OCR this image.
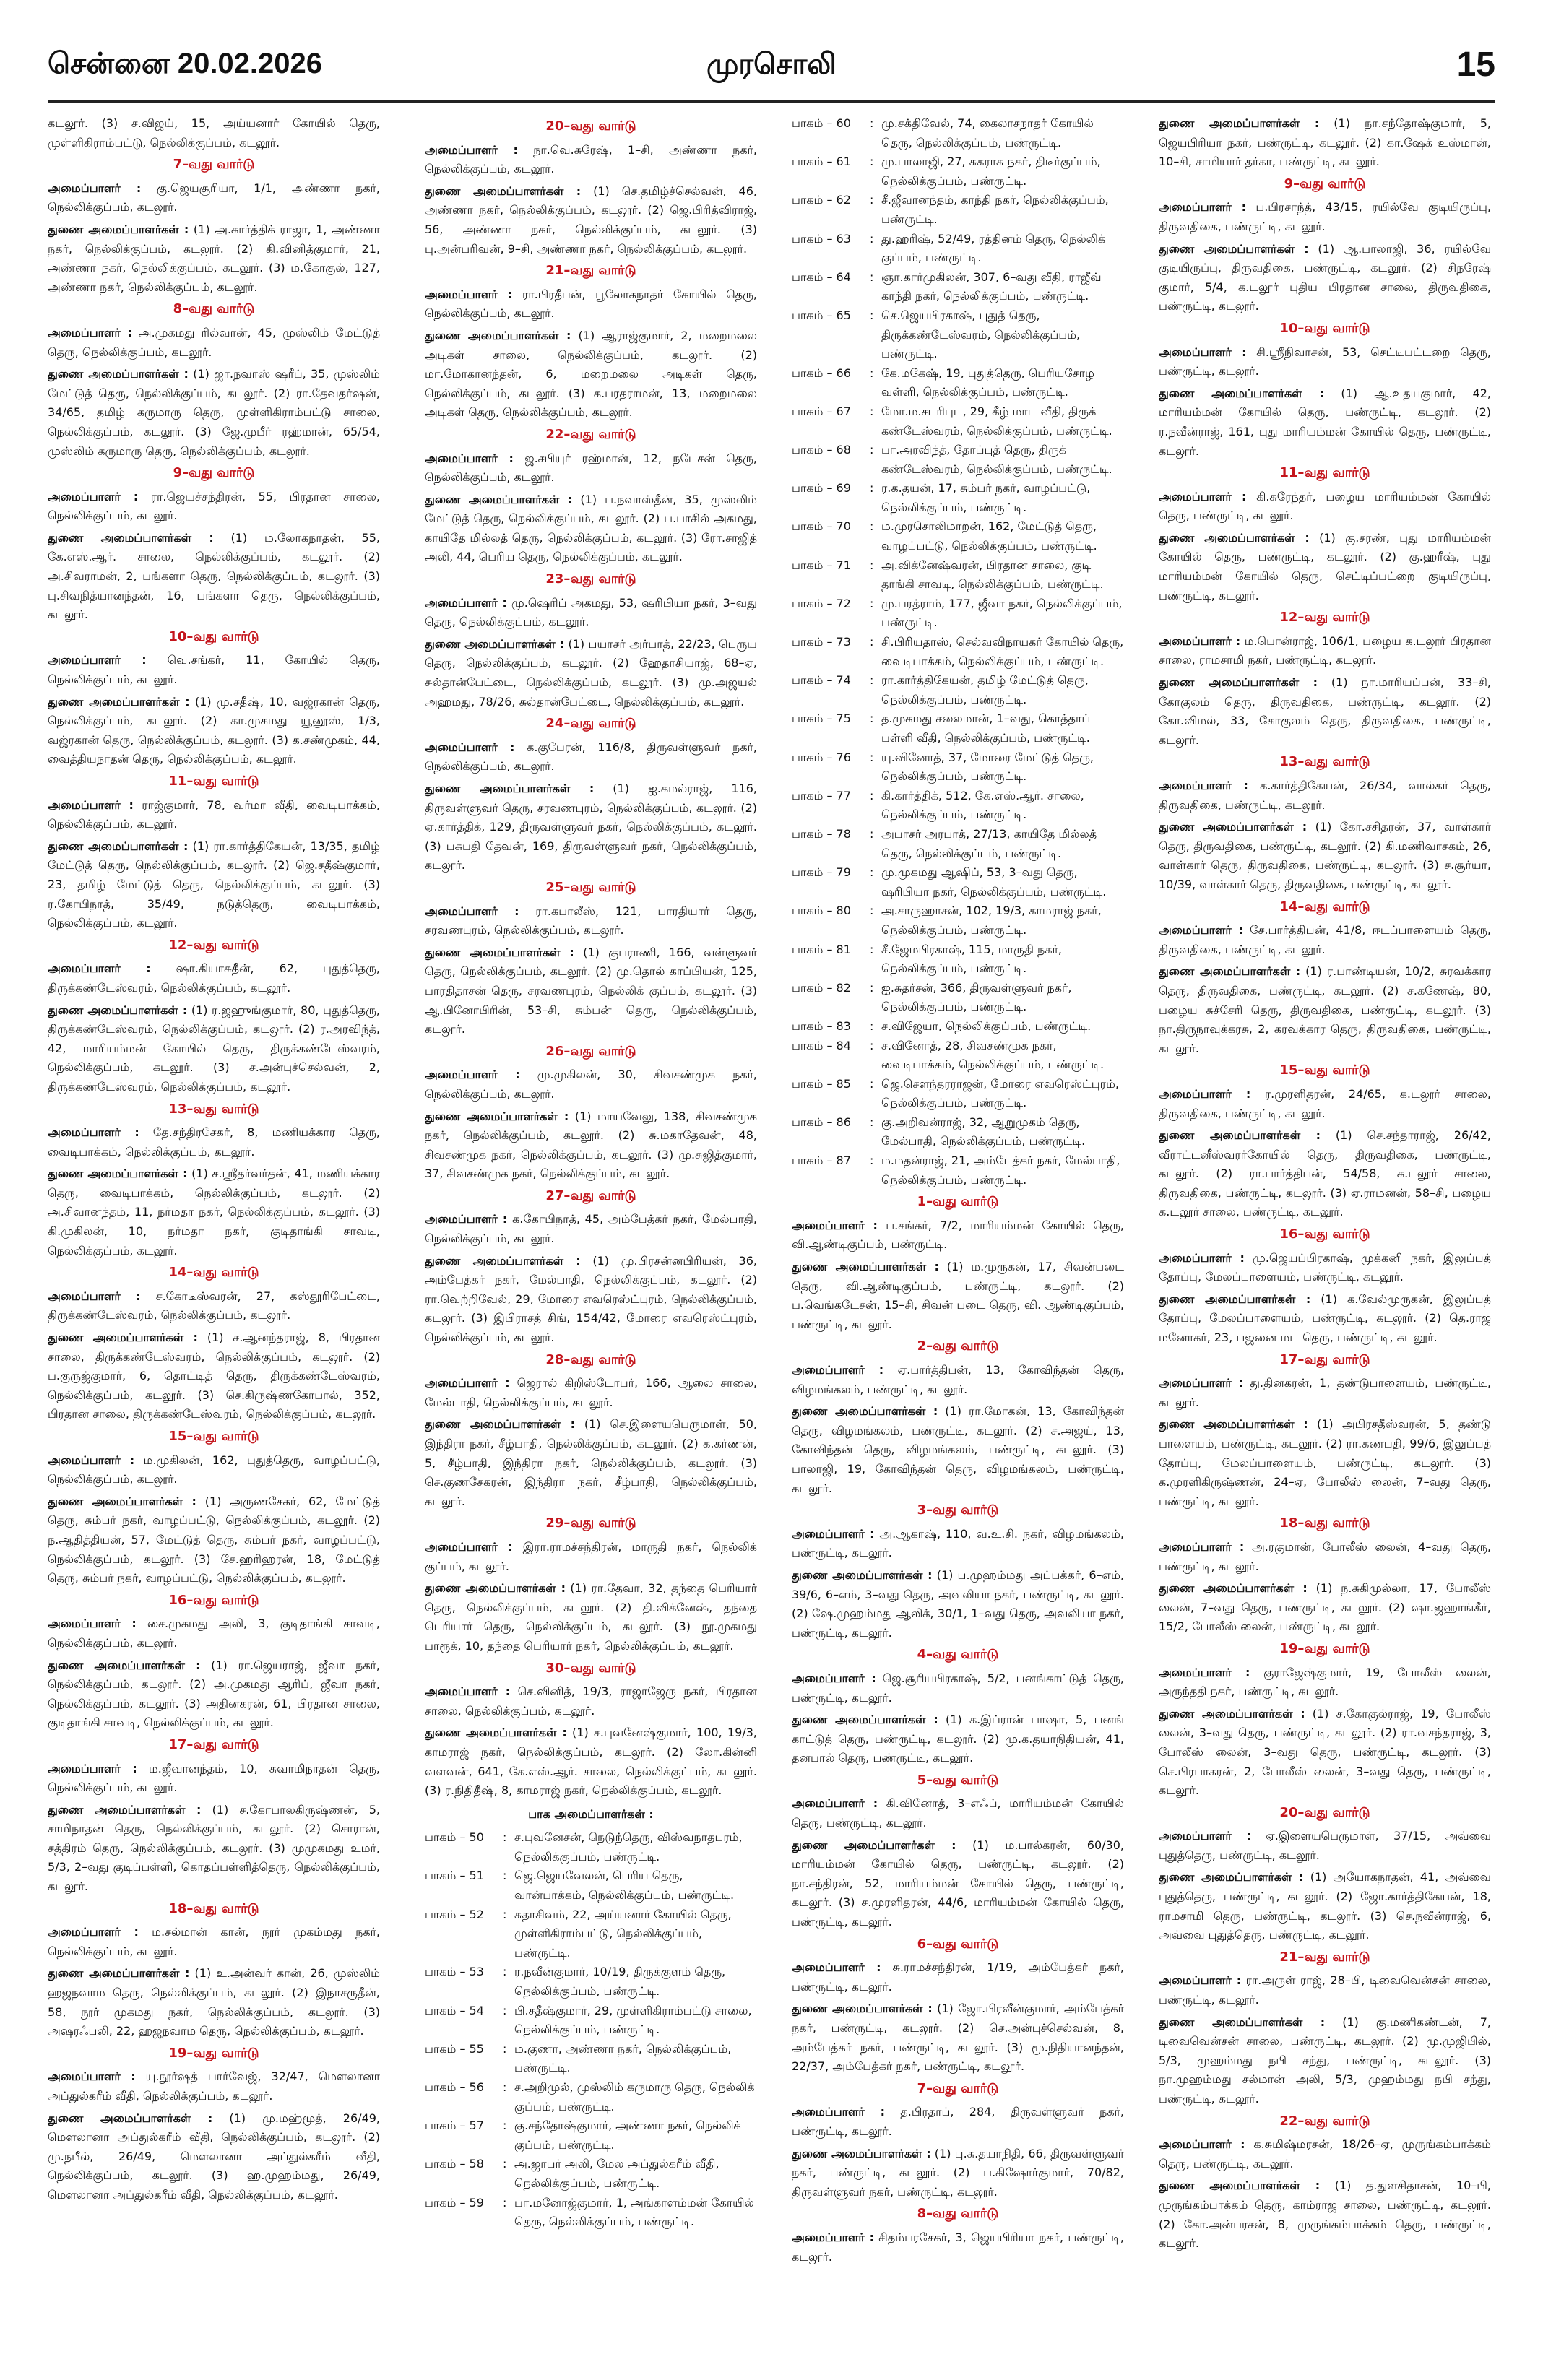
சென்னை 20.02.2026	முரசொலி	15

கடலூர். (3) ச.விஜய், 15, அய்யனார் கோயில் தெரு, முள்ளிகிராம்பட்டு, நெல்லிக்குப்பம், கடலூர்.

7–வது வார்டு

அமைப்பாளர் : கு.ஜெயசூரியா, 1/1, அண்ணா நகர், நெல்லிக்குப்பம், கடலூர்.

துணை அமைப்பாளர்கள் : (1) அ.கார்த்திக் ராஜா, 1, அண்ணா நகர், நெல்லிக்குப்பம், கடலூர். (2) கி.வினித்குமார், 21, அண்ணா நகர், நெல்லிக்குப்பம், கடலூர். (3) ம.கோகுல், 127, அண்ணா நகர், நெல்லிக்குப்பம், கடலூர்.

8–வது வார்டு

அமைப்பாளர் : அ.முகமது ரில்வான், 45, முஸ்லிம் மேட்டுத் தெரு, நெல்லிக்குப்பம், கடலூர்.

துணை அமைப்பாளர்கள் : (1) ஜா.நவாஸ் ஷரீப், 35, முஸ்லிம் மேட்டுத் தெரு, நெல்லிக்குப்பம், கடலூர். (2) ரா.தேவதர்ஷன், 34/65, தமிழ் கருமாரு தெரு, முள்ளிகிராம்பட்டு சாலை, நெல்லிக்குப்பம், கடலூர். (3) ஜே.முபீர் ரஹ்மான், 65/54, முஸ்லிம் கருமாரு தெரு, நெல்லிக்குப்பம், கடலூர்.

9–வது வார்டு

அமைப்பாளர் : ரா.ஜெயச்சந்திரன், 55, பிரதான சாலை, நெல்லிக்குப்பம், கடலூர்.

துணை அமைப்பாளர்கள் : (1) ம.லோகநாதன், 55, கே.எஸ்.ஆர். சாலை, நெல்லிக்குப்பம், கடலூர். (2) அ.சிவராமன், 2, பங்களா தெரு, நெல்லிக்குப்பம், கடலூர். (3) பு.சிவநித்யானந்தன், 16, பங்களா தெரு, நெல்லிக்குப்பம், கடலூர்.

10–வது வார்டு

அமைப்பாளர் : வெ.சங்கர், 11, கோயில் தெரு, நெல்லிக்குப்பம், கடலூர்.

துணை அமைப்பாளர்கள் : (1) மு.சதீஷ், 10, வஜ்ரகான் தெரு, நெல்லிக்குப்பம், கடலூர். (2) கா.முகமது யூனூஸ், 1/3, வஜ்ரகான் தெரு, நெல்லிக்குப்பம், கடலூர். (3) க.சண்முகம், 44, வைத்தியநாதன் தெரு, நெல்லிக்குப்பம், கடலூர்.

11–வது வார்டு

அமைப்பாளர் : ராஜ்குமார், 78, வர்மா வீதி, வைடிபாக்கம், நெல்லிக்குப்பம், கடலூர்.

துணை அமைப்பாளர்கள் : (1) ரா.கார்த்திகேயன், 13/35, தமிழ் மேட்டுத் தெரு, நெல்லிக்குப்பம், கடலூர். (2) ஜெ.சதீஷ்குமார், 23, தமிழ் மேட்டுத் தெரு, நெல்லிக்குப்பம், கடலூர். (3) ர.கோபிநாத், 35/49, நடுத்தெரு, வைடிபாக்கம், நெல்லிக்குப்பம், கடலூர்.

12–வது வார்டு

அமைப்பாளர் : ஷா.கியாசுதீன், 62, புதுத்தெரு, திருக்கண்டேஸ்வரம், நெல்லிக்குப்பம், கடலூர்.

துணை அமைப்பாளர்கள் : (1) ர.ஜஹுங்குமார், 80, புதுத்தெரு, திருக்கண்டேஸ்வரம், நெல்லிக்குப்பம், கடலூர். (2) ர.அரவிந்த், 42, மாரியம்மன் கோயில் தெரு, திருக்கண்டேஸ்வரம், நெல்லிக்குப்பம், கடலூர். (3) ச.அன்புச்செல்வன், 2, திருக்கண்டேஸ்வரம், நெல்லிக்குப்பம், கடலூர்.

13–வது வார்டு

அமைப்பாளர் : தே.சந்திரசேகர், 8, மணியக்கார தெரு, வைடிபாக்கம், நெல்லிக்குப்பம், கடலூர்.

துணை அமைப்பாளர்கள் : (1) ச.ஸ்ரீதர்வர்தன், 41, மணியக்கார தெரு, வைடிபாக்கம், நெல்லிக்குப்பம், கடலூர். (2) அ.சிவானந்தம், 11, நர்மதா நகர், நெல்லிக்குப்பம், கடலூர். (3) கி.முகிலன், 10, நர்மதா நகர், குடிதாங்கி சாவடி, நெல்லிக்குப்பம், கடலூர்.

14–வது வார்டு

அமைப்பாளர் : ச.கோடீஸ்வரன், 27, கஸ்தூரிபேட்டை, திருக்கண்டேஸ்வரம், நெல்லிக்குப்பம், கடலூர்.

துணை அமைப்பாளர்கள் : (1) ச.ஆனந்தராஜ், 8, பிரதான சாலை, திருக்கண்டேஸ்வரம், நெல்லிக்குப்பம், கடலூர். (2) ப.குருஜ்குமார், 6, தொட்டித் தெரு, திருக்கண்டேஸ்வரம், நெல்லிக்குப்பம், கடலூர். (3) செ.கிருஷ்ணகோபால், 352, பிரதான சாலை, திருக்கண்டேஸ்வரம், நெல்லிக்குப்பம், கடலூர்.

15–வது வார்டு

அமைப்பாளர் : ம.முகிலன், 162, புதுத்தெரு, வாழப்பட்டு, நெல்லிக்குப்பம், கடலூர்.

துணை அமைப்பாளர்கள் : (1) அருணசேகர், 62, மேட்டுத் தெரு, சும்பர் நகர், வாழப்பட்டு, நெல்லிக்குப்பம், கடலூர். (2) ந.ஆதித்தியன், 57, மேட்டுத் தெரு, சும்பர் நகர், வாழப்பட்டு, நெல்லிக்குப்பம், கடலூர். (3) சே.ஹரிஹரன், 18, மேட்டுத் தெரு, சும்பர் நகர், வாழப்பட்டு, நெல்லிக்குப்பம், கடலூர்.

16–வது வார்டு

அமைப்பாளர் : சை.முகமது அலி, 3, குடிதாங்கி சாவடி, நெல்லிக்குப்பம், கடலூர்.

துணை அமைப்பாளர்கள் : (1) ரா.ஜெயராஜ், ஜீவா நகர், நெல்லிக்குப்பம், கடலூர். (2) அ.முகமது ஆரிப், ஜீவா நகர், நெல்லிக்குப்பம், கடலூர். (3) அதினகரன், 61, பிரதான சாலை, குடிதாங்கி சாவடி, நெல்லிக்குப்பம், கடலூர்.

17–வது வார்டு

அமைப்பாளர் : ம.ஜீவானந்தம், 10, சுவாமிநாதன் தெரு, நெல்லிக்குப்பம், கடலூர்.

துணை அமைப்பாளர்கள் : (1) ச.கோபாலகிருஷ்ணன், 5, சாமிநாதன் தெரு, நெல்லிக்குப்பம், கடலூர். (2) சொரான், சத்திரம் தெரு, நெல்லிக்குப்பம், கடலூர். (3) முமுகமது உமர், 5/3, 2–வது குடிப்பள்ளி, கொதப்பள்ளித்தெரு, நெல்லிக்குப்பம், கடலூர்.

18–வது வார்டு

அமைப்பாளர் : ம.சல்மான் கான், நூர் முகம்மது நகர், நெல்லிக்குப்பம், கடலூர்.

துணை அமைப்பாளர்கள் : (1) உ.அன்வர் கான், 26, முஸ்லிம் ஹஜநவாம தெரு, நெல்லிக்குப்பம், கடலூர். (2) இநாசருதீன், 58, நூர் முகமது நகர், நெல்லிக்குப்பம், கடலூர். (3) அஷரஃபலி, 22, ஹஜநவாம தெரு, நெல்லிக்குப்பம், கடலூர்.

19–வது வார்டு

அமைப்பாளர் : யு.நூர்ஷத் பார்வேஜ், 32/47, மௌலானா அப்துல்கரீம் வீதி, நெல்லிக்குப்பம், கடலூர்.

துணை அமைப்பாளர்கள் : (1) மு.மஹ்மூத், 26/49, மௌலானா அப்துல்கரீம் வீதி, நெல்லிக்குப்பம், கடலூர். (2) மு.நபீல், 26/49, மௌலானா அப்துல்கரீம் வீதி, நெல்லிக்குப்பம், கடலூர். (3) ஹ.முஹம்மது, 26/49, மௌலானா அப்துல்கரீம் வீதி, நெல்லிக்குப்பம், கடலூர்.

20–வது வார்டு

அமைப்பாளர் : நா.வெ.சுரேஷ், 1–சி, அண்ணா நகர், நெல்லிக்குப்பம், கடலூர்.

துணை அமைப்பாளர்கள் : (1) செ.தமிழ்ச்செல்வன், 46, அண்ணா நகர், நெல்லிக்குப்பம், கடலூர். (2) ஜெ.பிரித்விராஜ், 56, அண்ணா நகர், நெல்லிக்குப்பம், கடலூர். (3) பு.அன்பரிவன், 9–சி, அண்ணா நகர், நெல்லிக்குப்பம், கடலூர்.

21–வது வார்டு

அமைப்பாளர் : ரா.பிரதீபன், பூலோகநாதர் கோயில் தெரு, நெல்லிக்குப்பம், கடலூர்.

துணை அமைப்பாளர்கள் : (1) ஆராஜ்குமார், 2, மறைமலை அடிகள் சாலை, நெல்லிக்குப்பம், கடலூர். (2) மா.மோகானந்தன், 6, மறைமலை அடிகள் தெரு, நெல்லிக்குப்பம், கடலூர். (3) க.பரதராமன், 13, மறைமலை அடிகள் தெரு, நெல்லிக்குப்பம், கடலூர்.

22–வது வார்டு

அமைப்பாளர் : ஜ.சபியுர் ரஹ்மான், 12, நடேசன் தெரு, நெல்லிக்குப்பம், கடலூர்.

துணை அமைப்பாளர்கள் : (1) ப.நவாஸ்தீன், 35, முஸ்லிம் மேட்டுத் தெரு, நெல்லிக்குப்பம், கடலூர். (2) ப.பாசில் அகமது, காயிதே மில்லத் தெரு, நெல்லிக்குப்பம், கடலூர். (3) ரோ.சாஜித் அலி, 44, பெரிய தெரு, நெல்லிக்குப்பம், கடலூர்.

23–வது வார்டு

அமைப்பாளர் : மு.ஷெரிப் அகமது, 53, ஷரிபியா நகர், 3–வது தெரு, நெல்லிக்குப்பம், கடலூர்.

துணை அமைப்பாளர்கள் : (1) பயாசர் அர்பாத், 22/23, பெருய தெரு, நெல்லிக்குப்பம், கடலூர். (2) ஹேதாசியாஜ், 68–ஏ, சுல்தான்பேட்டை, நெல்லிக்குப்பம், கடலூர். (3) மு.அஜயல் அஹமது, 78/26, சுல்தான்பேட்டை, நெல்லிக்குப்பம், கடலூர்.

24–வது வார்டு

அமைப்பாளர் : க.குபேரன், 116/8, திருவள்ளுவர் நகர், நெல்லிக்குப்பம், கடலூர்.

துணை அமைப்பாளர்கள் : (1) ஐ.கமல்ராஜ், 116, திருவள்ளுவர் தெரு, சரவணபுரம், நெல்லிக்குப்பம், கடலூர். (2) ஏ.கார்த்திக், 129, திருவள்ளுவர் நகர், நெல்லிக்குப்பம், கடலூர். (3) பசுபதி தேவன், 169, திருவள்ளுவர் நகர், நெல்லிக்குப்பம், கடலூர்.

25–வது வார்டு

அமைப்பாளர் : ரா.கபாலீஸ், 121, பாரதியார் தெரு, சரவணபுரம், நெல்லிக்குப்பம், கடலூர்.

துணை அமைப்பாளர்கள் : (1) குபராணி, 166, வள்ளுவர் தெரு, நெல்லிக்குப்பம், கடலூர். (2) மு.தொல் காப்பியன், 125, பாரதிதாசன் தெரு, சரவணபுரம், நெல்லிக் குப்பம், கடலூர். (3) ஆ.பினோபிரின், 53–சி, சும்பன் தெரு, நெல்லிக்குப்பம், கடலூர்.

26–வது வார்டு

அமைப்பாளர் : மு.முகிலன், 30, சிவசண்முக நகர், நெல்லிக்குப்பம், கடலூர்.

துணை அமைப்பாளர்கள் : (1) மாயவேலு, 138, சிவசண்முக நகர், நெல்லிக்குப்பம், கடலூர். (2) சு.மகாதேவன், 48, சிவசண்முக நகர், நெல்லிக்குப்பம், கடலூர். (3) மு.சுஜித்குமார், 37, சிவசண்முக நகர், நெல்லிக்குப்பம், கடலூர்.

27–வது வார்டு

அமைப்பாளர் : க.கோபிநாத், 45, அம்பேத்கர் நகர், மேல்பாதி, நெல்லிக்குப்பம், கடலூர்.

துணை அமைப்பாளர்கள் : (1) மு.பிரசன்னபிரியன், 36, அம்பேத்கர் நகர், மேல்பாதி, நெல்லிக்குப்பம், கடலூர். (2) ரா.வெற்றிவேல், 29, மோரை எவரெஸ்ட்புரம், நெல்லிக்குப்பம், கடலூர். (3) இபிராசத் சிங், 154/42, மோரை எவரெஸ்ட்புரம், நெல்லிக்குப்பம், கடலூர்.

28–வது வார்டு

அமைப்பாளர் : ஜெரால் கிறிஸ்டோபர், 166, ஆலை சாலை, மேல்பாதி, நெல்லிக்குப்பம், கடலூர்.

துணை அமைப்பாளர்கள் : (1) செ.இளையபெருமாள், 50, இந்திரா நகர், சீழ்பாதி, நெல்லிக்குப்பம், கடலூர். (2) க.கர்ணன், 5, சீழ்பாதி, இந்திரா நகர், நெல்லிக்குப்பம், கடலூர். (3) செ.குணசேகரன், இந்திரா நகர், சீழ்பாதி, நெல்லிக்குப்பம், கடலூர்.

29–வது வார்டு

அமைப்பாளர் : இரா.ராமச்சந்திரன், மாருதி நகர், நெல்லிக் குப்பம், கடலூர்.

துணை அமைப்பாளர்கள் : (1) ரா.தேவா, 32, தந்தை பெரியார் தெரு, நெல்லிக்குப்பம், கடலூர். (2) தி.விக்னேஷ், தந்தை பெரியார் தெரு, நெல்லிக்குப்பம், கடலூர். (3) நூ.முகமது பாரூக், 10, தந்தை பெரியார் நகர், நெல்லிக்குப்பம், கடலூர்.

30–வது வார்டு

அமைப்பாளர் : செ.வினித், 19/3, ராஜாஜேரு நகர், பிரதான சாலை, நெல்லிக்குப்பம், கடலூர்.

துணை அமைப்பாளர்கள் : (1) ச.புவனேஷ்குமார், 100, 19/3, காமராஜ் நகர், நெல்லிக்குப்பம், கடலூர். (2) லோ.கின்னி வளவன், 641, கே.எஸ்.ஆர். சாலை, நெல்லிக்குப்பம், கடலூர். (3) ர.நிதிதீஷ், 8, காமராஜ் நகர், நெல்லிக்குப்பம், கடலூர்.

பாக அமைப்பாளர்கள் :
பாகம் – 50	: ச.புவனேசன், நெடுந்தெரு, விஸ்வநாதபுரம், நெல்லிக்குப்பம், பண்ருட்டி.
பாகம் – 51	: ஜெ.ஜெயவேலன், பெரிய தெரு, வான்பாக்கம், நெல்லிக்குப்பம், பண்ருட்டி.
பாகம் – 52	: சுதாசிவம், 22, அய்யனார் கோயில் தெரு, முள்ளிகிராம்பட்டு, நெல்லிக்குப்பம், பண்ருட்டி.
பாகம் – 53	: ர.நவீன்குமார், 10/19, திருக்குளம் தெரு, நெல்லிக்குப்பம், பண்ருட்டி.
பாகம் – 54	: பி.சதீஷ்குமார், 29, முள்ளிகிராம்பட்டு சாலை, நெல்லிக்குப்பம், பண்ருட்டி.
பாகம் – 55	: ம.குணா, அண்ணா நகர், நெல்லிக்குப்பம், பண்ருட்டி.
பாகம் – 56	: ச.அறிமுல், முஸ்லிம் கருமாரு தெரு, நெல்லிக் குப்பம், பண்ருட்டி.
பாகம் – 57	: கு.சந்தோஷ்குமார், அண்ணா நகர், நெல்லிக் குப்பம், பண்ருட்டி.
பாகம் – 58	: அ.ஜாபர் அலி, மேல அப்துல்கரீம் வீதி, நெல்லிக்குப்பம், பண்ருட்டி.
பாகம் – 59	: பா.மனோஜ்குமார், 1, அங்காளம்மன் கோயில் தெரு, நெல்லிக்குப்பம், பண்ருட்டி.
பாகம் – 60	: மு.சக்திவேல், 74, கைலாசநாதர் கோயில் தெரு, நெல்லிக்குப்பம், பண்ருட்டி.
பாகம் – 61	: மு.பாலாஜி, 27, சுகராசு நகர், திடீர்குப்பம், நெல்லிக்குப்பம், பண்ருட்டி.
பாகம் – 62	: சீ.ஜீவானந்தம், காந்தி நகர், நெல்லிக்குப்பம், பண்ருட்டி.
பாகம் – 63	: து.ஹரிஷ், 52/49, ரத்தினம் தெரு, நெல்லிக் குப்பம், பண்ருட்டி.
பாகம் – 64	: ஞா.கார்முகிலன், 307, 6–வது வீதி, ராஜீவ் காந்தி நகர், நெல்லிக்குப்பம், பண்ருட்டி.
பாகம் – 65	: செ.ஜெயபிரகாஷ், புதுத் தெரு, திருக்கண்டேஸ்வரம், நெல்லிக்குப்பம், பண்ருட்டி.
பாகம் – 66	: கே.மகேஷ், 19, புதுத்தெரு, பெரியசோழ வள்ளி, நெல்லிக்குப்பம், பண்ருட்டி.
பாகம் – 67	: மோ.ம.சபரிபுட, 29, கீழ் மாட வீதி, திருக் கண்டேஸ்வரம், நெல்லிக்குப்பம், பண்ருட்டி.
பாகம் – 68	: பா.அரவிந்த், தோப்புத் தெரு, திருக் கண்டேஸ்வரம், நெல்லிக்குப்பம், பண்ருட்டி.
பாகம் – 69	: ர.க.தயன், 17, சும்பர் நகர், வாழப்பட்டு, நெல்லிக்குப்பம், பண்ருட்டி.
பாகம் – 70	: ம.முரசொலிமாறன், 162, மேட்டுத் தெரு, வாழப்பட்டு, நெல்லிக்குப்பம், பண்ருட்டி.
பாகம் – 71	: அ.விக்னேஷ்வரன், பிரதான சாலை, குடி தாங்கி சாவடி, நெல்லிக்குப்பம், பண்ருட்டி.
பாகம் – 72	: மு.பரத்ராம், 177, ஜீவா நகர், நெல்லிக்குப்பம், பண்ருட்டி.
பாகம் – 73	: சி.பிரியதாஸ், செல்வவிநாயகர் கோயில் தெரு, வைடிபாக்கம், நெல்லிக்குப்பம், பண்ருட்டி.
பாகம் – 74	: ரா.கார்த்திகேயன், தமிழ் மேட்டுத் தெரு, நெல்லிக்குப்பம், பண்ருட்டி.
பாகம் – 75	: த.முகமது சலைமான், 1–வது, கொத்தாப் பள்ளி வீதி, நெல்லிக்குப்பம், பண்ருட்டி.
பாகம் – 76	: யு.வினோத், 37, மோரை மேட்டுத் தெரு, நெல்லிக்குப்பம், பண்ருட்டி.
பாகம் – 77	: கி.கார்த்திக், 512, கே.எஸ்.ஆர். சாலை, நெல்லிக்குப்பம், பண்ருட்டி.
பாகம் – 78	: அபாசர் அரபாத், 27/13, காயிதே மில்லத் தெரு, நெல்லிக்குப்பம், பண்ருட்டி.
பாகம் – 79	: மு.முகமது ஆஷிப், 53, 3–வது தெரு, ஷரிபியா நகர், நெல்லிக்குப்பம், பண்ருட்டி.
பாகம் – 80	: அ.சாருஹாசன், 102, 19/3, காமராஜ் நகர், நெல்லிக்குப்பம், பண்ருட்டி.
பாகம் – 81	: சீ.ஜேமபிரகாஷ், 115, மாருதி நகர், நெல்லிக்குப்பம், பண்ருட்டி.
பாகம் – 82	: ஐ.சுதர்சன், 366, திருவள்ளுவர் நகர், நெல்லிக்குப்பம், பண்ருட்டி.
பாகம் – 83	: ச.விஜேயா, நெல்லிக்குப்பம், பண்ருட்டி.
பாகம் – 84	: ச.வினோத், 28, சிவசண்முக நகர், வைடிபாக்கம், நெல்லிக்குப்பம், பண்ருட்டி.
பாகம் – 85	: ஜெ.சௌந்தரராஜன், மோரை எவரெஸ்ட்புரம், நெல்லிக்குப்பம், பண்ருட்டி.
பாகம் – 86	: கு.அறிவன்ராஜ், 32, ஆறுமுகம் தெரு, மேல்பாதி, நெல்லிக்குப்பம், பண்ருட்டி.
பாகம் – 87	: ம.மதன்ராஜ், 21, அம்பேத்கர் நகர், மேல்பாதி, நெல்லிக்குப்பம், பண்ருட்டி.
1–வது வார்டு

அமைப்பாளர் : ப.சங்கர், 7/2, மாரியம்மன் கோயில் தெரு, வி.ஆண்டிகுப்பம், பண்ருட்டி.

துணை அமைப்பாளர்கள் : (1) ம.முருகன், 17, சிவன்படை தெரு, வி.ஆண்டிகுப்பம், பண்ருட்டி, கடலூர். (2) ப.வெங்கடேசன், 15–சி, சிவன் படை தெரு, வி. ஆண்டிகுப்பம், பண்ருட்டி, கடலூர்.

2–வது வார்டு

அமைப்பாளர் : ஏ.பார்த்திபன், 13, கோவிந்தன் தெரு, விழமங்கலம், பண்ருட்டி, கடலூர்.

துணை அமைப்பாளர்கள் : (1) ரா.மோகன், 13, கோவிந்தன் தெரு, விழமங்கலம், பண்ருட்டி, கடலூர். (2) ச.அஜய், 13, கோவிந்தன் தெரு, விழமங்கலம், பண்ருட்டி, கடலூர். (3) பாலாஜி, 19, கோவிந்தன் தெரு, விழமங்கலம், பண்ருட்டி, கடலூர்.

3–வது வார்டு

அமைப்பாளர் : அ.ஆகாஷ், 110, வ.உ.சி. நகர், விழமங்கலம், பண்ருட்டி, கடலூர்.

துணை அமைப்பாளர்கள் : (1) ப.முஹம்மது அப்பக்கர், 6–எம், 39/6, 6–எம், 3–வது தெரு, அவலியா நகர், பண்ருட்டி, கடலூர். (2) ஷே.முஹம்மது ஆலிக், 30/1, 1–வது தெரு, அவலியா நகர், பண்ருட்டி, கடலூர்.

4–வது வார்டு

அமைப்பாளர் : ஜெ.சூரியபிரகாஷ், 5/2, பனங்காட்டுத் தெரு, பண்ருட்டி, கடலூர்.

துணை அமைப்பாளர்கள் : (1) க.இப்ரான் பாஷா, 5, பனங் காட்டுத் தெரு, பண்ருட்டி, கடலூர். (2) மு.க.தயாநிதியன், 41, தனபால் தெரு, பண்ருட்டி, கடலூர்.

5–வது வார்டு

அமைப்பாளர் : கி.வினோத், 3–எஃப், மாரியம்மன் கோயில் தெரு, பண்ருட்டி, கடலூர்.

துணை அமைப்பாளர்கள் : (1) ம.பால்கரன், 60/30, மாரியம்மன் கோயில் தெரு, பண்ருட்டி, கடலூர். (2) நா.சந்திரன், 52, மாரியம்மன் கோயில் தெரு, பண்ருட்டி, கடலூர். (3) ச.முரளிதரன், 44/6, மாரியம்மன் கோயில் தெரு, பண்ருட்டி, கடலூர்.

6–வது வார்டு

அமைப்பாளர் : சு.ராமச்சந்திரன், 1/19, அம்பேத்கர் நகர், பண்ருட்டி, கடலூர்.

துணை அமைப்பாளர்கள் : (1) ஜோ.பிரவீன்குமார், அம்பேத்கர் நகர், பண்ருட்டி, கடலூர். (2) செ.அன்புச்செல்வன், 8, அம்பேத்கர் நகர், பண்ருட்டி, கடலூர். (3) மூ.நிதியானந்தன், 22/37, அம்பேத்கர் நகர், பண்ருட்டி, கடலூர்.

7–வது வார்டு

அமைப்பாளர் : த.பிரதாப், 284, திருவள்ளுவர் நகர், பண்ருட்டி, கடலூர்.

துணை அமைப்பாளர்கள் : (1) பு.சு.தயாநிதி, 66, திருவள்ளுவர் நகர், பண்ருட்டி, கடலூர். (2) ப.கிஷோர்குமார், 70/82, திருவள்ளுவர் நகர், பண்ருட்டி, கடலூர்.

8–வது வார்டு

அமைப்பாளர் : சிதம்பரசேகர், 3, ஜெயபிரியா நகர், பண்ருட்டி, கடலூர்.

துணை அமைப்பாளர்கள் : (1) நா.சந்தோஷ்குமார், 5, ஜெயபிரியா நகர், பண்ருட்டி, கடலூர். (2) கா.ஷேக் உஸ்மான், 10–சி, சாமியார் தர்கா, பண்ருட்டி, கடலூர்.

9–வது வார்டு

அமைப்பாளர் : ப.பிரசாந்த், 43/15, ரயில்வே குடியிருப்பு, திருவதிகை, பண்ருட்டி, கடலூர்.

துணை அமைப்பாளர்கள் : (1) ஆ.பாலாஜி, 36, ரயில்வே குடியிருப்பு, திருவதிகை, பண்ருட்டி, கடலூர். (2) சிநரேஷ் குமார், 5/4, க.டலூர் புதிய பிரதான சாலை, திருவதிகை, பண்ருட்டி, கடலூர்.

10–வது வார்டு

அமைப்பாளர் : சி.ஸ்ரீநிவாசன், 53, செட்டிபட்டறை தெரு, பண்ருட்டி, கடலூர்.

துணை அமைப்பாளர்கள் : (1) ஆ.உதயகுமார், 42, மாரியம்மன் கோயில் தெரு, பண்ருட்டி, கடலூர். (2) ர.நவீன்ராஜ், 161, புது மாரியம்மன் கோயில் தெரு, பண்ருட்டி, கடலூர்.

11–வது வார்டு

அமைப்பாளர் : கி.சுரேந்தர், பழைய மாரியம்மன் கோயில் தெரு, பண்ருட்டி, கடலூர்.

துணை அமைப்பாளர்கள் : (1) கு.சரண், புது மாரியம்மன் கோயில் தெரு, பண்ருட்டி, கடலூர். (2) கு.ஹரீஷ், புது மாரியம்மன் கோயில் தெரு, செட்டிப்பட்றை குடியிருப்பு, பண்ருட்டி, கடலூர்.

12–வது வார்டு

அமைப்பாளர் : ம.பொன்ராஜ், 106/1, பழைய க.டலூர் பிரதான சாலை, ராமசாமி நகர், பண்ருட்டி, கடலூர்.

துணை அமைப்பாளர்கள் : (1) நா.மாரியப்பன், 33–சி, கோகுலம் தெரு, திருவதிகை, பண்ருட்டி, கடலூர். (2) கோ.விமல், 33, கோகுலம் தெரு, திருவதிகை, பண்ருட்டி, கடலூர்.

13–வது வார்டு

அமைப்பாளர் : க.கார்த்திகேயன், 26/34, வால்கர் தெரு, திருவதிகை, பண்ருட்டி, கடலூர்.

துணை அமைப்பாளர்கள் : (1) கோ.சசிதரன், 37, வாள்கார் தெரு, திருவதிகை, பண்ருட்டி, கடலூர். (2) கி.மணிவாசகம், 26, வாள்கார் தெரு, திருவதிகை, பண்ருட்டி, கடலூர். (3) ச.சூர்யா, 10/39, வாள்கார் தெரு, திருவதிகை, பண்ருட்டி, கடலூர்.

14–வது வார்டு

அமைப்பாளர் : சே.பார்த்திபன், 41/8, ஈடப்பாளையம் தெரு, திருவதிகை, பண்ருட்டி, கடலூர்.

துணை அமைப்பாளர்கள் : (1) ர.பாண்டியன், 10/2, சுரவக்கார தெரு, திருவதிகை, பண்ருட்டி, கடலூர். (2) ச.கணேஷ், 80, பழைய சுச்சேரி தெரு, திருவதிகை, பண்ருட்டி, கடலூர். (3) நா.திருநாவுக்கரசு, 2, கரவக்கார தெரு, திருவதிகை, பண்ருட்டி, கடலூர்.

15–வது வார்டு

அமைப்பாளர் : ர.முரளிதரன், 24/65, க.டலூர் சாலை, திருவதிகை, பண்ருட்டி, கடலூர்.

துணை அமைப்பாளர்கள் : (1) செ.சந்தாராஜ், 26/42, வீராட்டனீஸ்வரர்கோயில் தெரு, திருவதிகை, பண்ருட்டி, கடலூர். (2) ரா.பார்த்திபன், 54/58, க.டலூர் சாலை, திருவதிகை, பண்ருட்டி, கடலூர். (3) ஏ.ராமனன், 58–சி, பழைய க.டலூர் சாலை, பண்ருட்டி, கடலூர்.

16–வது வார்டு

அமைப்பாளர் : மு.ஜெயப்பிரகாஷ், முக்கனி நகர், இலுப்பத் தோப்பு, மேலப்பாளையம், பண்ருட்டி, கடலூர்.

துணை அமைப்பாளர்கள் : (1) க.வேல்முருகன், இலுப்பத் தோப்பு, மேலப்பாளையம், பண்ருட்டி, கடலூர். (2) தெ.ராஜ மனோகர், 23, பஜனை மட தெரு, பண்ருட்டி, கடலூர்.

17–வது வார்டு

அமைப்பாளர் : து.தினகரன், 1, தண்டுபாளையம், பண்ருட்டி, கடலூர்.

துணை அமைப்பாளர்கள் : (1) அபிரசதீஸ்வரன், 5, தண்டு பாளையம், பண்ருட்டி, கடலூர். (2) ரா.கணபதி, 99/6, இலுப்பத் தோப்பு, மேலப்பாளையம், பண்ருட்டி, கடலூர். (3) க.முரளிகிருஷ்ணன், 24–ஏ, போலீஸ் லைன், 7–வது தெரு, பண்ருட்டி, கடலூர்.

18–வது வார்டு

அமைப்பாளர் : அ.ரகுமான், போலீஸ் லைன், 4–வது தெரு, பண்ருட்டி, கடலூர்.

துணை அமைப்பாளர்கள் : (1) ந.சுகிமுல்லா, 17, போலீஸ் லைன், 7–வது தெரு, பண்ருட்டி, கடலூர். (2) ஷா.ஜஹாங்கீர், 15/2, போலீஸ் லைன், பண்ருட்டி, கடலூர்.

19–வது வார்டு

அமைப்பாளர் : குராஜேஷ்குமார், 19, போலீஸ் லைன், அருந்ததி நகர், பண்ருட்டி, கடலூர்.

துணை அமைப்பாளர்கள் : (1) ச.கோகுல்ராஜ், 19, போலீஸ் லைன், 3–வது தெரு, பண்ருட்டி, கடலூர். (2) ரா.வசந்தராஜ், 3, போலீஸ் லைன், 3–வது தெரு, பண்ருட்டி, கடலூர். (3) செ.பிரபாகரன், 2, போலீஸ் லைன், 3–வது தெரு, பண்ருட்டி, கடலூர்.

20–வது வார்டு

அமைப்பாளர் : ஏ.இளையபெருமாள், 37/15, அவ்வை புதுத்தெரு, பண்ருட்டி, கடலூர்.

துணை அமைப்பாளர்கள் : (1) அயோகநாதன், 41, அவ்வை புதுத்தெரு, பண்ருட்டி, கடலூர். (2) ஜோ.கார்த்திகேயன், 18, ராமசாமி தெரு, பண்ருட்டி, கடலூர். (3) செ.நவீன்ராஜ், 6, அவ்வை புதுத்தெரு, பண்ருட்டி, கடலூர்.

21–வது வார்டு

அமைப்பாளர் : ரா.அருள் ராஜ், 28–பி, டிவைவென்சன் சாலை, பண்ருட்டி, கடலூர்.

துணை அமைப்பாளர்கள் : (1) கு.மணிகண்டன், 7, டிவைவென்சன் சாலை, பண்ருட்டி, கடலூர். (2) மு.முஜிபில், 5/3, முஹம்மது நபி சந்து, பண்ருட்டி, கடலூர். (3) நா.முஹம்மது சல்மான் அலி, 5/3, முஹம்மது நபி சந்து, பண்ருட்டி, கடலூர்.

22–வது வார்டு

அமைப்பாளர் : க.சுமிஷ்மரசன், 18/26–ஏ, முருங்கம்பாக்கம் தெரு, பண்ருட்டி, கடலூர்.

துணை அமைப்பாளர்கள் : (1) த.துளசிதாசன், 10–பி, முருங்கம்பாக்கம் தெரு, காம்ராஜ சாலை, பண்ருட்டி, கடலூர். (2) கோ.அன்பரசன், 8, முருங்கம்பாக்கம் தெரு, பண்ருட்டி, கடலூர்.
